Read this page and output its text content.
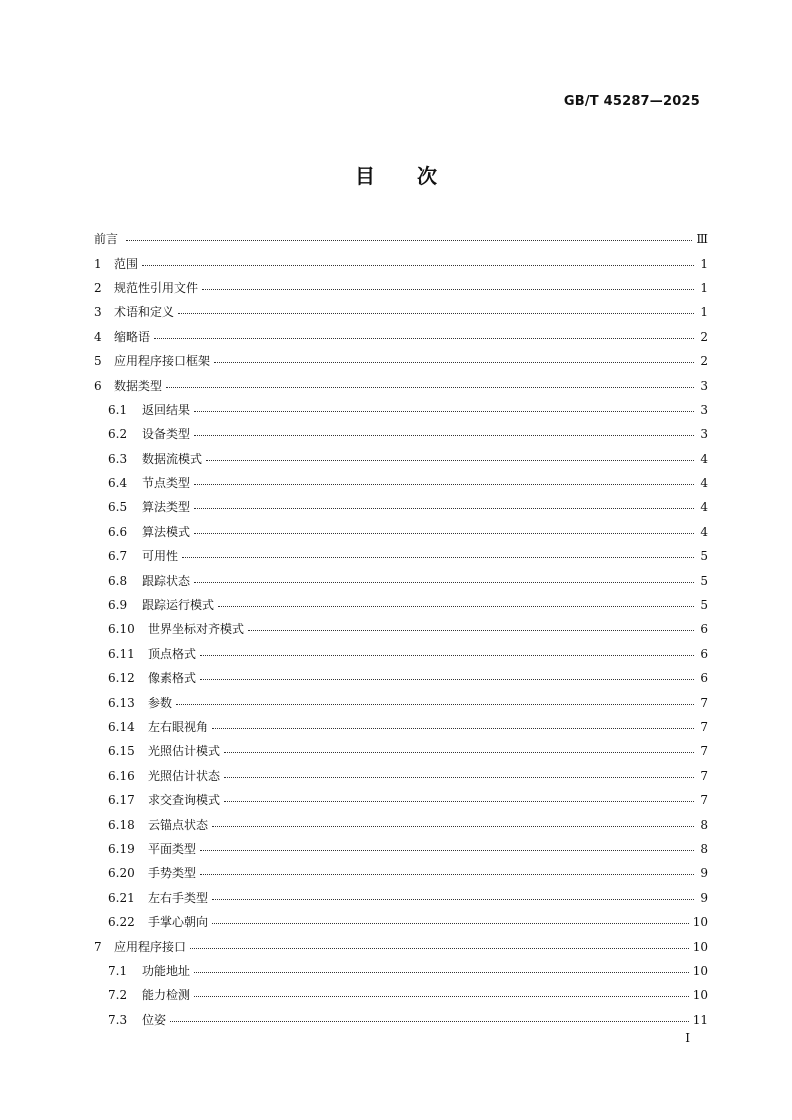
GB/T 45287—2025
目 次
前言	Ⅲ
1	范围	1
2	规范性引用文件	1
3	术语和定义	1
4	缩略语	2
5	应用程序接口框架	2
6	数据类型	3
6.1	返回结果	3
6.2	设备类型	3
6.3	数据流模式	4
6.4	节点类型	4
6.5	算法类型	4
6.6	算法模式	4
6.7	可用性	5
6.8	跟踪状态	5
6.9	跟踪运行模式	5
6.10	世界坐标对齐模式	6
6.11	顶点格式	6
6.12	像素格式	6
6.13	参数	7
6.14	左右眼视角	7
6.15	光照估计模式	7
6.16	光照估计状态	7
6.17	求交查询模式	7
6.18	云锚点状态	8
6.19	平面类型	8
6.20	手势类型	9
6.21	左右手类型	9
6.22	手掌心朝向	10
7	应用程序接口	10
7.1	功能地址	10
7.2	能力检测	10
7.3	位姿	11
I
